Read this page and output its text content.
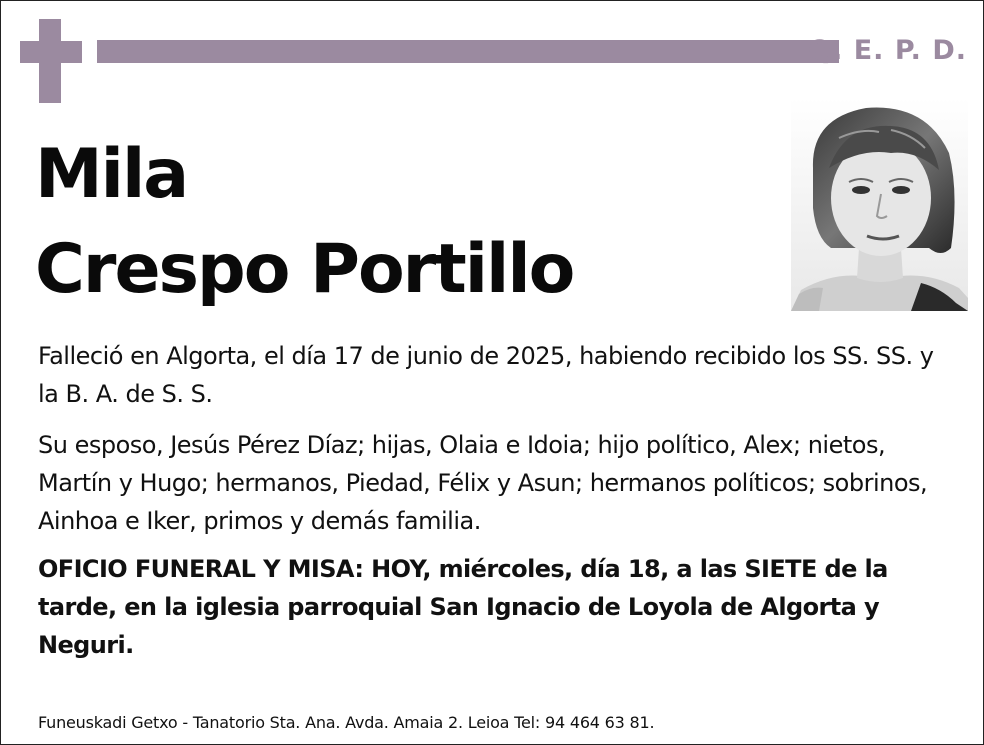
Q. E. P. D.
Mila
Crespo Portillo

Falleció en Algorta, el día 17 de junio de 2025, habiendo recibido los SS. SS. y la B. A. de S. S.

Su esposo, Jesús Pérez Díaz; hijas, Olaia e Idoia; hijo político, Alex; nietos, Martín y Hugo; hermanos, Piedad, Félix y Asun; hermanos políticos; sobrinos, Ainhoa e Iker, primos y demás familia.

OFICIO FUNERAL Y MISA: HOY, miércoles, día 18, a las SIETE de la tarde, en la iglesia parroquial San Ignacio de Loyola de Algorta y Neguri.

Funeuskadi Getxo - Tanatorio Sta. Ana. Avda. Amaia 2. Leioa Tel: 94 464 63 81.
